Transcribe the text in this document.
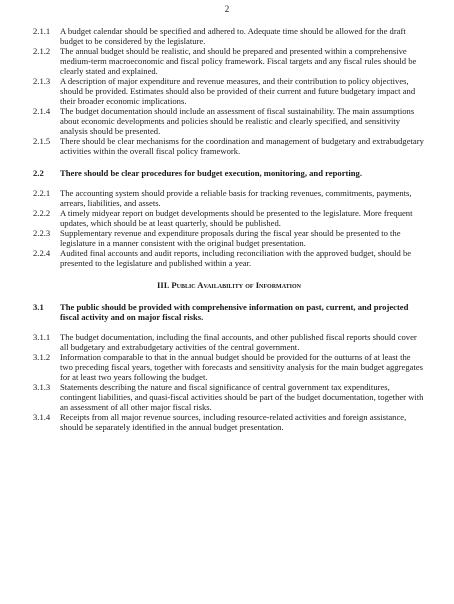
2
2.1.1	A budget calendar should be specified and adhered to. Adequate time should be allowed for the draft budget to be considered by the legislature.
2.1.2	The annual budget should be realistic, and should be prepared and presented within a comprehensive medium-term macroeconomic and fiscal policy framework. Fiscal targets and any fiscal rules should be clearly stated and explained.
2.1.3	A description of major expenditure and revenue measures, and their contribution to policy objectives, should be provided. Estimates should also be provided of their current and future budgetary impact and their broader economic implications.
2.1.4	The budget documentation should include an assessment of fiscal sustainability. The main assumptions about economic developments and policies should be realistic and clearly specified, and sensitivity analysis should be presented.
2.1.5	There should be clear mechanisms for the coordination and management of budgetary and extrabudgetary activities within the overall fiscal policy framework.
2.2	There should be clear procedures for budget execution, monitoring, and reporting.
2.2.1	The accounting system should provide a reliable basis for tracking revenues, commitments, payments, arrears, liabilities, and assets.
2.2.2	A timely midyear report on budget developments should be presented to the legislature. More frequent updates, which should be at least quarterly, should be published.
2.2.3	Supplementary revenue and expenditure proposals during the fiscal year should be presented to the legislature in a manner consistent with the original budget presentation.
2.2.4	Audited final accounts and audit reports, including reconciliation with the approved budget, should be presented to the legislature and published within a year.
III. Public Availability of Information
3.1	The public should be provided with comprehensive information on past, current, and projected fiscal activity and on major fiscal risks.
3.1.1	The budget documentation, including the final accounts, and other published fiscal reports should cover all budgetary and extrabudgetary activities of the central government.
3.1.2	Information comparable to that in the annual budget should be provided for the outturns of at least the two preceding fiscal years, together with forecasts and sensitivity analysis for the main budget aggregates for at least two years following the budget.
3.1.3	Statements describing the nature and fiscal significance of central government tax expenditures, contingent liabilities, and quasi-fiscal activities should be part of the budget documentation, together with an assessment of all other major fiscal risks.
3.1.4	Receipts from all major revenue sources, including resource-related activities and foreign assistance, should be separately identified in the annual budget presentation.
